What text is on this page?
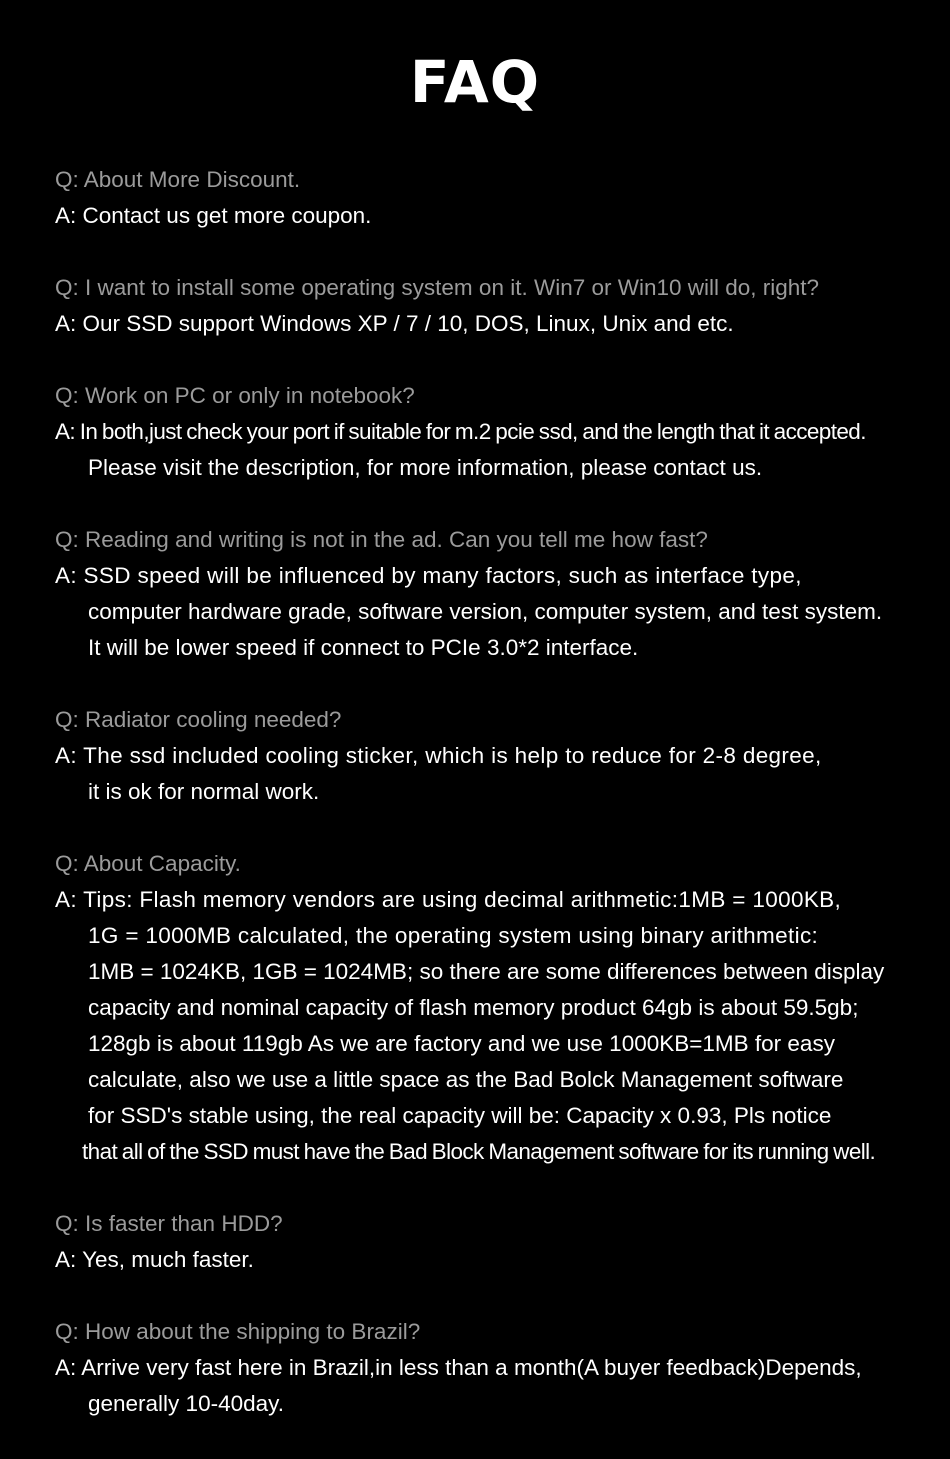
FAQ
Q: About More Discount.
A: Contact us get more coupon.
Q: I want to install some operating system on it. Win7 or Win10 will do, right?
A: Our SSD support Windows XP / 7 / 10, DOS, Linux, Unix and etc.
Q: Work on PC or only in notebook?
A: In both,just check your port if suitable for m.2 pcie ssd, and the length that it accepted.
Please visit the description, for more information, please contact us.
Q: Reading and writing is not in the ad. Can you tell me how fast?
A: SSD speed will be influenced by many factors, such as interface type,
computer hardware grade, software version, computer system, and test system.
It will be lower speed if connect to PCIe 3.0*2 interface.
Q: Radiator cooling needed?
A: The ssd included cooling sticker, which is help to reduce for 2-8 degree,
it is ok for normal work.
Q: About Capacity.
A: Tips: Flash memory vendors are using decimal arithmetic:1MB = 1000KB,
1G = 1000MB calculated, the operating system using binary arithmetic:
1MB = 1024KB, 1GB = 1024MB; so there are some differences between display
capacity and nominal capacity of flash memory product 64gb is about 59.5gb;
128gb is about 119gb As we are factory and we use 1000KB=1MB for easy
calculate, also we use a little space as the Bad Bolck Management software
for SSD's stable using, the real capacity will be: Capacity x 0.93, Pls notice
that all of the SSD must have the Bad Block Management software for its running well.
Q: Is faster than HDD?
A: Yes, much faster.
Q: How about the shipping to Brazil?
A: Arrive very fast here in Brazil,in less than a month(A buyer feedback)Depends,
generally 10-40day.
